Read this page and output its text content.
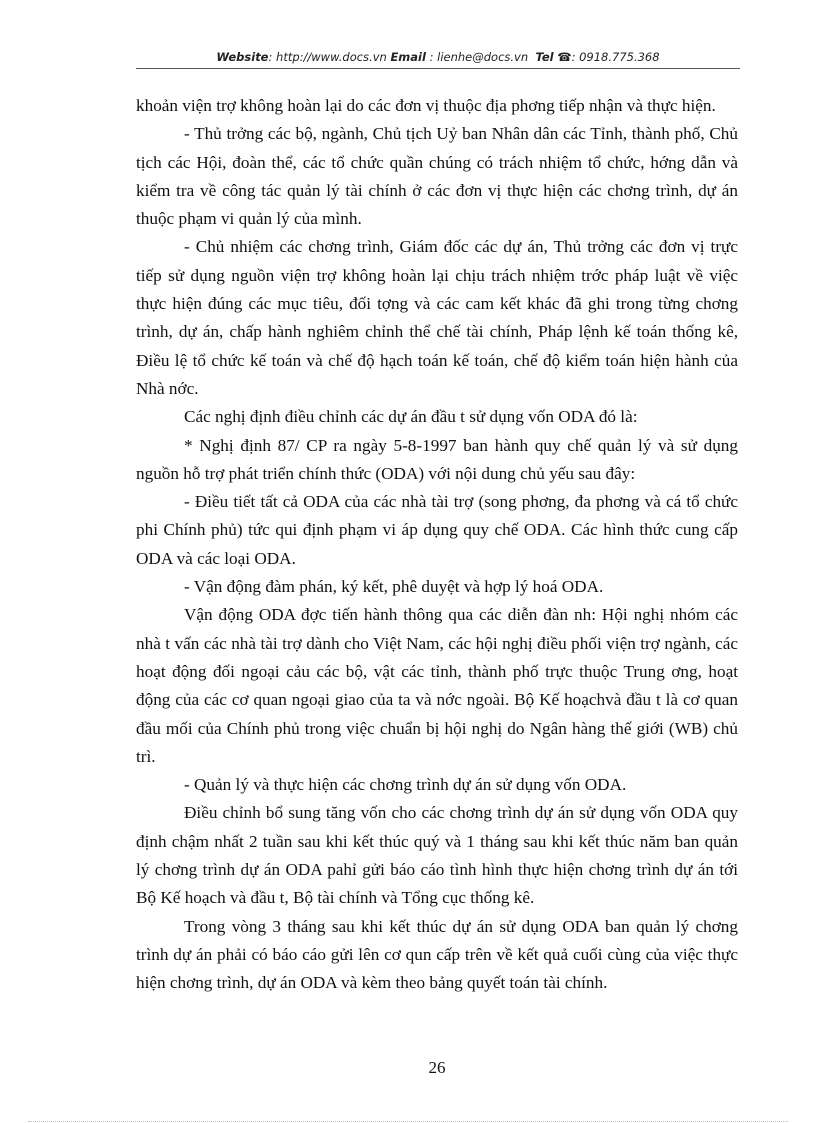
Website: http://www.docs.vn Email : lienhe@docs.vn Tel ☎: 0918.775.368

khoản viện trợ không hoàn lại do các đơn vị thuộc địa phơng tiếp nhận và thực hiện.

- Thủ trởng các bộ, ngành, Chủ tịch Uỷ ban Nhân dân các Tỉnh, thành phố, Chủ tịch các Hội, đoàn thể, các tổ chức quần chúng có trách nhiệm tổ chức, hớng dẫn và kiểm tra về công tác quản lý tài chính ở các đơn vị thực hiện các chơng trình, dự án thuộc phạm vi quản lý của mình.

- Chủ nhiệm các chơng trình, Giám đốc các dự án, Thủ trởng các đơn vị trực tiếp sử dụng nguồn viện trợ không hoàn lại chịu trách nhiệm trớc pháp luật về việc thực hiện đúng các mục tiêu, đối tợng và các cam kết khác đã ghi trong từng chơng trình, dự án, chấp hành nghiêm chỉnh thể chế tài chính, Pháp lệnh kế toán thống kê, Điều lệ tổ chức kế toán và chế độ hạch toán kế toán, chế độ kiểm toán hiện hành của Nhà nớc.

Các nghị định điều chỉnh các dự án đầu t sử dụng vốn ODA đó là:

* Nghị định 87/ CP ra ngày 5-8-1997 ban hành quy chế quản lý và sử dụng nguồn hỗ trợ phát triển chính thức (ODA) với nội dung chủ yếu sau đây:

- Điều tiết tất cả ODA của các nhà tài trợ (song phơng, đa phơng và cá tổ chức phi Chính phủ) tức qui định phạm vi áp dụng quy chế ODA. Các hình thức cung cấp ODA và các loại ODA.

- Vận động đàm phán, ký kết, phê duyệt và hợp lý hoá ODA.

Vận động ODA đợc tiến hành thông qua các diễn đàn nh: Hội nghị nhóm các nhà t vấn các nhà tài trợ dành cho Việt Nam, các hội nghị điều phối viện trợ ngành, các hoạt động đối ngoại cảu các bộ, vật các tỉnh, thành phố trực thuộc Trung ơng, hoạt động của các cơ quan ngoại giao của ta và nớc ngoài. Bộ Kế hoạchvà đầu t là cơ quan đầu mối của Chính phủ trong việc chuẩn bị hội nghị do Ngân hàng thế giới (WB) chủ trì.

- Quản lý và thực hiện các chơng trình dự án sử dụng vốn ODA.

Điều chỉnh bổ sung tăng vốn cho các chơng trình dự án sử dụng vốn ODA quy định chậm nhất 2 tuần sau khi kết thúc quý và 1 tháng sau khi kết thúc năm ban quản lý chơng trình dự án ODA pahỉ gửi báo cáo tình hình thực hiện chơng trình dự án tới Bộ Kế hoạch và đầu t, Bộ tài chính và Tổng cục thống kê.

Trong vòng 3 tháng sau khi kết thúc dự án sử dụng ODA ban quản lý chơng trình dự án phải có báo cáo gửi lên cơ qun cấp trên về kết quả cuối cùng của việc thực hiện chơng trình, dự án ODA và kèm theo bảng quyết toán tài chính.

26
